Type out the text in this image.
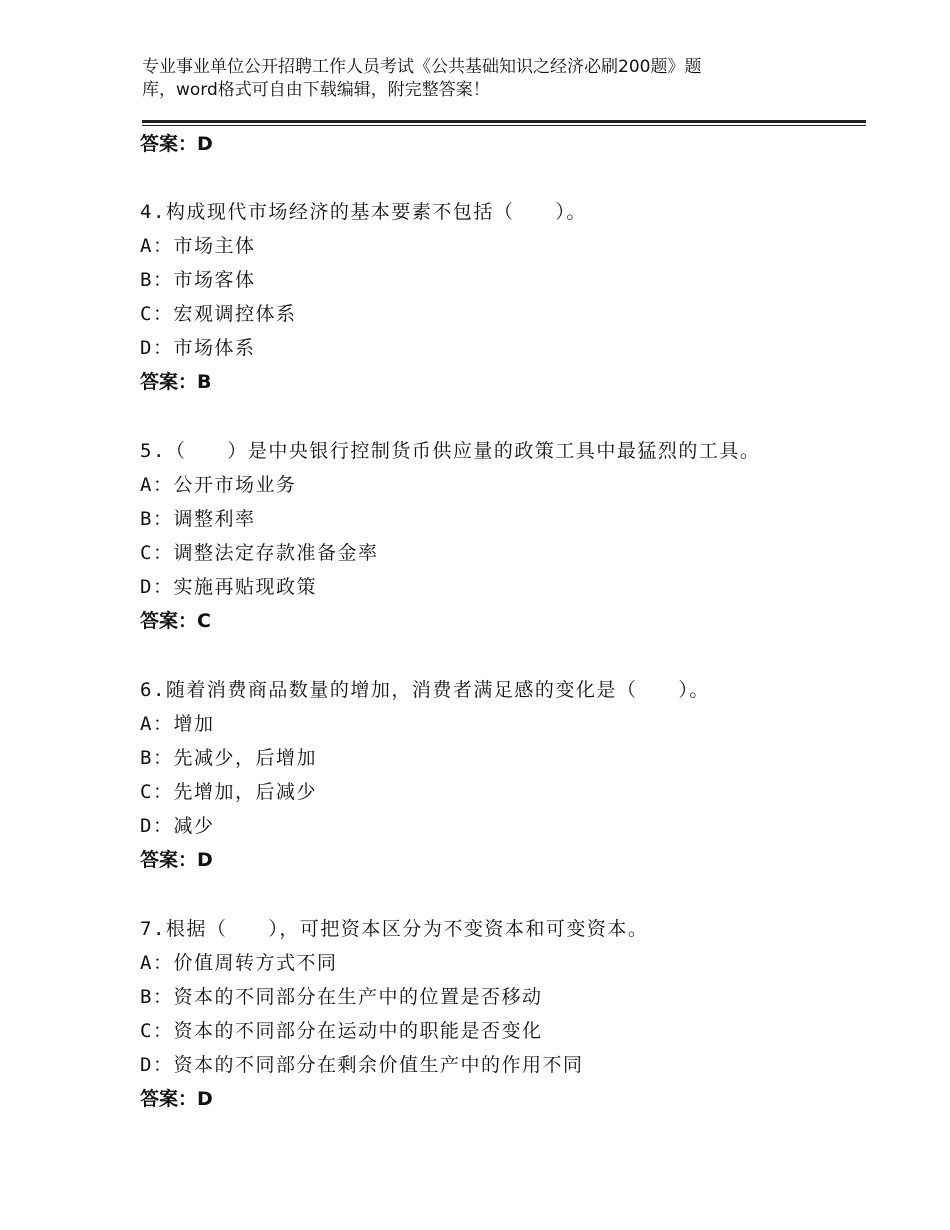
专业事业单位公开招聘工作人员考试《公共基础知识之经济必刷200题》题
库，word格式可自由下载编辑，附完整答案！
答案：D
4.构成现代市场经济的基本要素不包括（　　）。
A：市场主体
B：市场客体
C：宏观调控体系
D：市场体系
答案：B
5.（　　）是中央银行控制货币供应量的政策工具中最猛烈的工具。
A：公开市场业务
B：调整利率
C：调整法定存款准备金率
D：实施再贴现政策
答案：C
6.随着消费商品数量的增加，消费者满足感的变化是（　　）。
A：增加
B：先减少，后增加
C：先增加，后减少
D：减少
答案：D
7.根据（　　），可把资本区分为不变资本和可变资本。
A：价值周转方式不同
B：资本的不同部分在生产中的位置是否移动
C：资本的不同部分在运动中的职能是否变化
D：资本的不同部分在剩余价值生产中的作用不同
答案：D
